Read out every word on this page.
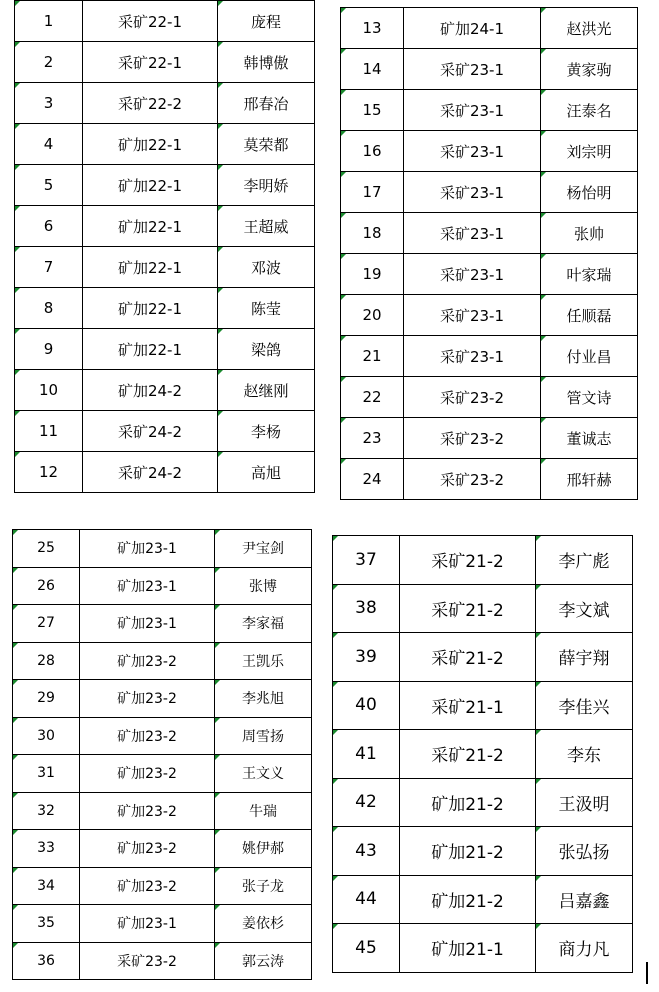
1	采矿22-1	庞程

2	采矿22-1	韩博傲

3	采矿22-2	邢春冶

4	矿加22-1	莫荣都

5	矿加22-1	李明娇

6	矿加22-1	王超威

7	矿加22-1	邓波

8	矿加22-1	陈莹

9	矿加22-1	梁鸽

10	矿加24-2	赵继刚

11	采矿24-2	李杨

12	采矿24-2	高旭
13	矿加24-1	赵洪光

14	采矿23-1	黄家驹

15	采矿23-1	汪泰名

16	采矿23-1	刘宗明

17	采矿23-1	杨怡明

18	采矿23-1	张帅

19	采矿23-1	叶家瑞

20	采矿23-1	任顺磊

21	采矿23-1	付业昌

22	采矿23-2	管文诗

23	采矿23-2	董诚志

24	采矿23-2	邢轩赫
25	矿加23-1	尹宝剑

26	矿加23-1	张博

27	矿加23-1	李家福

28	矿加23-2	王凯乐

29	矿加23-2	李兆旭

30	矿加23-2	周雪扬

31	矿加23-2	王文义

32	矿加23-2	牛瑞

33	矿加23-2	姚伊郝

34	矿加23-2	张子龙

35	矿加23-1	姜依杉

36	采矿23-2	郭云涛
37	采矿21-2	李广彪

38	采矿21-2	李文斌

39	采矿21-2	薛宇翔

40	采矿21-1	李佳兴

41	采矿21-2	李东

42	矿加21-2	王汲明

43	矿加21-2	张弘扬

44	矿加21-2	吕嘉鑫

45	矿加21-1	商力凡
